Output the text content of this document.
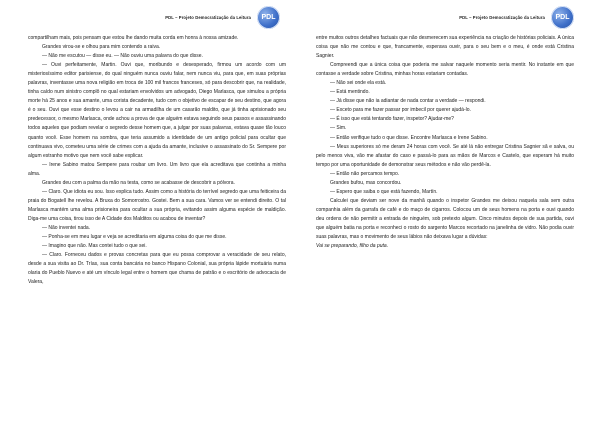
PDL – Projeto Democratização da Leitura PDL

compartilham mais, pois pensam que estou lhe dando muita corda em honra à nossa amizade.

Grandes virou-se e olhou para mim contendo a raiva.

— Não me escutou — disse eu. — Não ouviu uma palavra do que disse.

— Ouvi perfeitamente, Martin. Ouvi que, moribundo e desesperado, firmou um acordo com um misteriosíssimo editor parisiense, do qual ninguém nunca ouviu falar, nem nunca viu, para que, em suas próprias palavras, inventasse uma nova religião em troca de 100 mil francos franceses, só para descobrir que, na realidade, tinha caído num sinistro complô no qual estariam envolvidos um advogado, Diego Marlasca, que simulou a própria morte há 25 anos e sua amante, uma corista decadente, tudo com o objetivo de escapar de seu destino, que agora é o seu. Ouvi que esse destino o levou a cair na armadilha de um casarão maldito, que já tinha aprisionado seu predecessor, o mesmo Marlasca, onde achou a prova de que alguém estava seguindo seus passos e assassinando todos aqueles que podiam revelar o segredo desse homem que, a julgar por suas palavras, estava quase tão louco quanto você. Esse homem na sombra, que teria assumido a identidade de um antigo policial para ocultar que continuava vivo, cometeu uma série de crimes com a ajuda da amante, inclusive o assassinato do Sr. Sempere por algum estranho motivo que nem você sabe explicar.

— Irene Sabino matou Sempere para roubar um livro. Um livro que ela acreditava que continha a minha alma.

Grandes deu com a palma da mão na testa, como se acabasse de descobrir a pólvora.

— Claro. Que idiota eu sou. Isso explica tudo. Assim como a história do terrível segredo que uma feiticeira da praia do Bogatell lhe revelou. A Bruxa do Somorrostro. Gostei. Bem a sua cara. Vamos ver se entendi direito. O tal Marlasca mantém uma alma prisioneira para ocultar a sua própria, evitando assim alguma espécie de maldição. Diga-me uma coisa, tirou isso de A Cidade dos Malditos ou acabou de inventar?

— Não inventei nada.

— Ponha-se em meu lugar e veja se acreditaria em alguma coisa do que me disse.

— Imagino que não. Mas contei tudo o que sei.

— Claro. Forneceu dados e provas concretas para que eu possa comprovar a veracidade de seu relato, desde a sua visita ao Dr. Trías, sua conta bancária no banco Hispano Colonial, sua própria lápide mortuária numa olaria do Pueblo Nuevo e até um vínculo legal entre o homem que chama de patrão e o escritório de advocacia de Valera,

PDL – Projeto Democratização da Leitura PDL

entre muitos outros detalhes factuais que não desmerecem sua experiência na criação de histórias policiais. A única coisa que não me contou e que, francamente, esperava ouvir, para o seu bem e o meu, é onde está Cristina Sagnier.

Compreendi que a única coisa que poderia me salvar naquele momento seria mentir. No instante em que contasse a verdade sobre Cristina, minhas horas estariam contadas.

— Não sei onde ela está.

— Está mentindo.

— Já disse que não ia adiantar de nada contar a verdade — respondi.

— Exceto para me fazer passar por imbecil por querer ajudá-lo.

— É isso que está tentando fazer, inspetor? Ajudar-me?

— Sim.

— Então verifique tudo o que disse. Encontre Marlasca e Irene Sabino.

— Meus superiores só me deram 24 horas com você. Se até lá não entregar Cristina Sagnier sã e salva, ou pelo menos viva, vão me afastar do caso e passá-lo para as mãos de Marcos e Castelo, que esperam há muito tempo por uma oportunidade de demonstrar seus métodos e não vão perdê-la.

— Então não percamos tempo.

Grandes bufou, mas concordou.

— Espero que saiba o que está fazendo, Martín.

Calculei que deviam ser nove da manhã quando o inspetor Grandes me deixou naquela sala sem outra companhia além da garrafa de café e do maço de cigarros. Colocou um de seus homens na porta e ouvi quando deu ordens de não permitir a entrada de ninguém, sob pretexto algum. Cinco minutos depois de sua partida, ouvi que alguém batia na porta e reconheci o rosto do sargento Marcos recortado na janelinha de vidro. Não podia ouvir suas palavras, mas o movimento de seus lábios não deixava lugar a dúvidas:

Vai se preparando, filho da puta.
